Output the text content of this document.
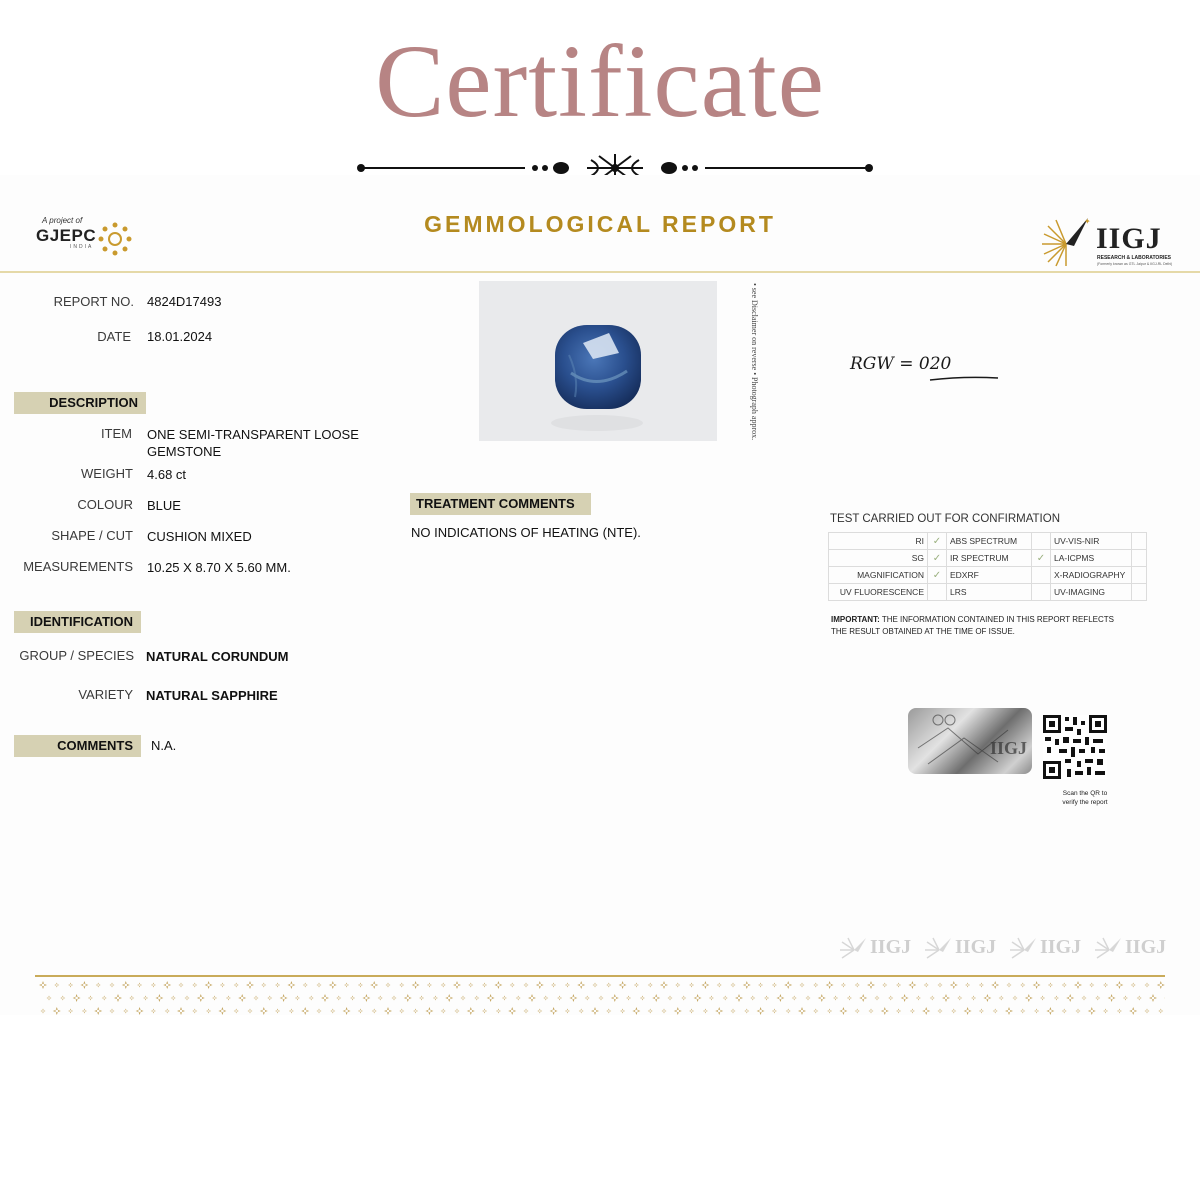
Certificate
A project of
GJEPC
INDIA
GEMMOLOGICAL REPORT	✦
IIGJ
RESEARCH & LABORATORIES
(Formerly known as GTL Jaipur & IIGJ-RL Delhi)
REPORT NO. 4824D17493
DATE 18.01.2024
DESCRIPTION
ITEM ONE SEMI-TRANSPARENT LOOSE
GEMSTONE
WEIGHT 4.68 ct
COLOUR BLUE
SHAPE / CUT CUSHION MIXED
MEASUREMENTS 10.25 X 8.70 X 5.60 MM.
IDENTIFICATION
GROUP / SPECIES NATURAL CORUNDUM
VARIETY NATURAL SAPPHIRE
COMMENTS	N.A.
• see Disclaimer on reverse • Photograph approx.	RGW = 020
TREATMENT COMMENTS
NO INDICATIONS OF HEATING (NTE).
TEST CARRIED OUT FOR CONFIRMATION
RI	✓	ABS SPECTRUM		UV-VIS-NIR	
SG	✓	IR SPECTRUM	✓	LA-ICPMS	
MAGNIFICATION	✓	EDXRF		X-RADIOGRAPHY	
UV FLUORESCENCE		LRS		UV-IMAGING	
IMPORTANT: THE INFORMATION CONTAINED IN THIS REPORT REFLECTS THE RESULT OBTAINED AT THE TIME OF ISSUE.
IIGJ
Scan the QR to
verify the report
IIGJ IIGJ IIGJ IIGJ
